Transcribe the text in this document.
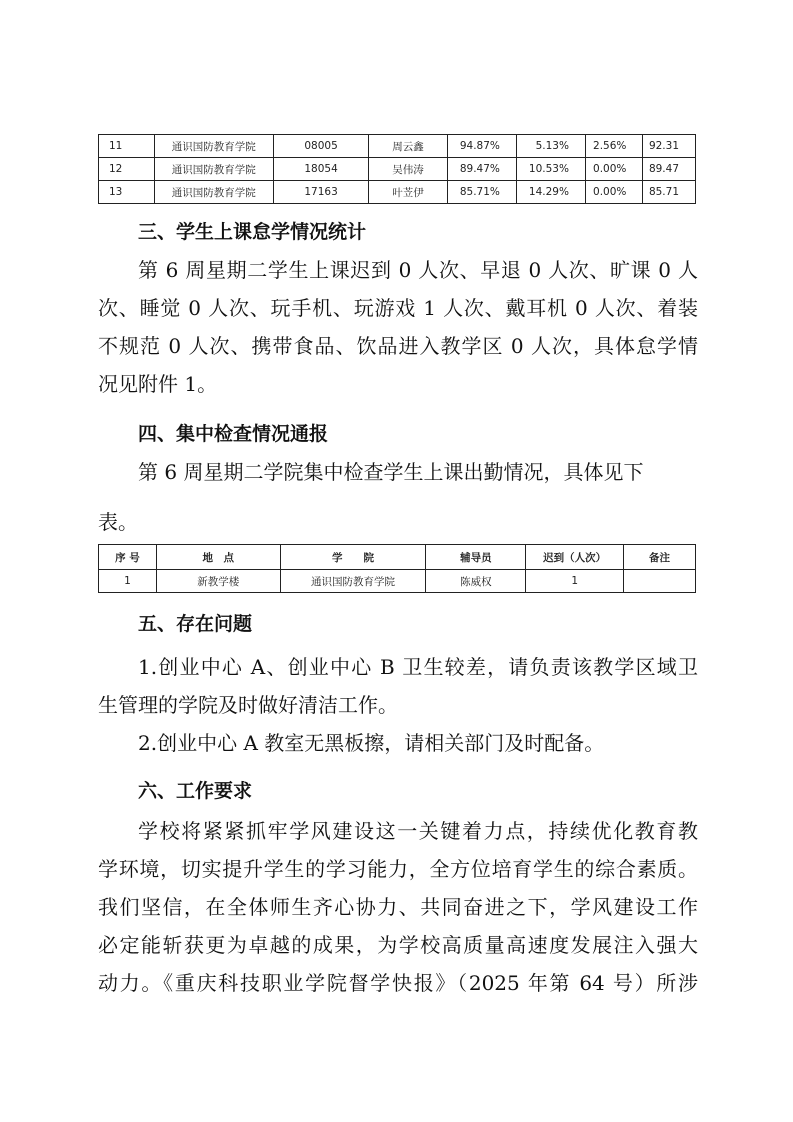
11	通识国防教育学院	08005	周云鑫	94.87%	5.13%	2.56%	92.31
12	通识国防教育学院	18054	吴伟涛	89.47%	10.53%	0.00%	89.47
13	通识国防教育学院	17163	叶苙伊	85.71%	14.29%	0.00%	85.71
三、学生上课怠学情况统计
第 6 周星期二学生上课迟到 0 人次、早退 0 人次、旷课 0 人
次、睡觉 0 人次、玩手机、玩游戏 1 人次、戴耳机 0 人次、着装
不规范 0 人次、携带食品、饮品进入教学区 0 人次，具体怠学情
况见附件 1。
四、集中检查情况通报
第 6 周星期二学院集中检查学生上课出勤情况，具体见下
表。
序 号	地　点	学　　院	辅导员	迟到（人次）	备注
1	新教学楼	通识国防教育学院	陈威权	1	
五、存在问题
1.创业中心 A、创业中心 B 卫生较差，请负责该教学区域卫
生管理的学院及时做好清洁工作。
2.创业中心 A 教室无黑板擦，请相关部门及时配备。
六、工作要求
学校将紧紧抓牢学风建设这一关键着力点，持续优化教育教
学环境，切实提升学生的学习能力，全方位培育学生的综合素质。
我们坚信，在全体师生齐心协力、共同奋进之下，学风建设工作
必定能斩获更为卓越的成果，为学校高质量高速度发展注入强大
动力。《重庆科技职业学院督学快报》（2025 年第 64 号）所涉
